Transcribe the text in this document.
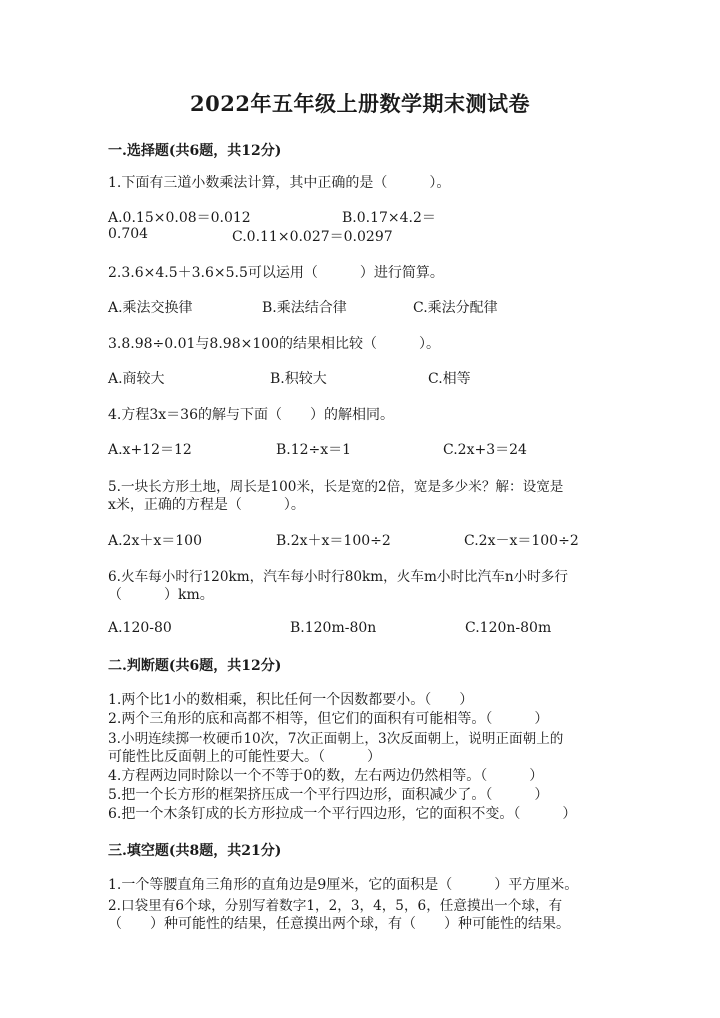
2022年五年级上册数学期末测试卷
一.选择题(共6题，共12分)
1.下面有三道小数乘法计算，其中正确的是（　　　）。
A.0.15×0.08＝0.012	B.0.17×4.2＝
0.704	C.0.11×0.027＝0.0297
2.3.6×4.5＋3.6×5.5可以运用（　　　）进行简算。
A.乘法交换律	B.乘法结合律	C.乘法分配律
3.8.98÷0.01与8.98×100的结果相比较（　　　）。
A.商较大	B.积较大	C.相等
4.方程3x＝36的解与下面（　　）的解相同。
A.x+12＝12	B.12÷x＝1	C.2x+3＝24
5.一块长方形土地，周长是100米，长是宽的2倍，宽是多少米？解：设宽是
x米，正确的方程是（　　　）。
A.2x＋x＝100	B.2x＋x＝100÷2	C.2x－x＝100÷2
6.火车每小时行120km，汽车每小时行80km，火车m小时比汽车n小时多行
（　　　）km。
A.120-80	B.120m-80n	C.120n-80m
二.判断题(共6题，共12分)
1.两个比1小的数相乘，积比任何一个因数都要小。（　　）
2.两个三角形的底和高都不相等，但它们的面积有可能相等。（　　　）
3.小明连续掷一枚硬币10次，7次正面朝上，3次反面朝上，说明正面朝上的
可能性比反面朝上的可能性要大。（　　　）
4.方程两边同时除以一个不等于0的数，左右两边仍然相等。（　　　）
5.把一个长方形的框架挤压成一个平行四边形，面积减少了。（　　　）
6.把一个木条钉成的长方形拉成一个平行四边形，它的面积不变。（　　　）
三.填空题(共8题，共21分)
1.一个等腰直角三角形的直角边是9厘米，它的面积是（　　　）平方厘米。
2.口袋里有6个球，分别写着数字1，2，3，4，5，6，任意摸出一个球，有
（　　）种可能性的结果，任意摸出两个球，有（　　）种可能性的结果。
